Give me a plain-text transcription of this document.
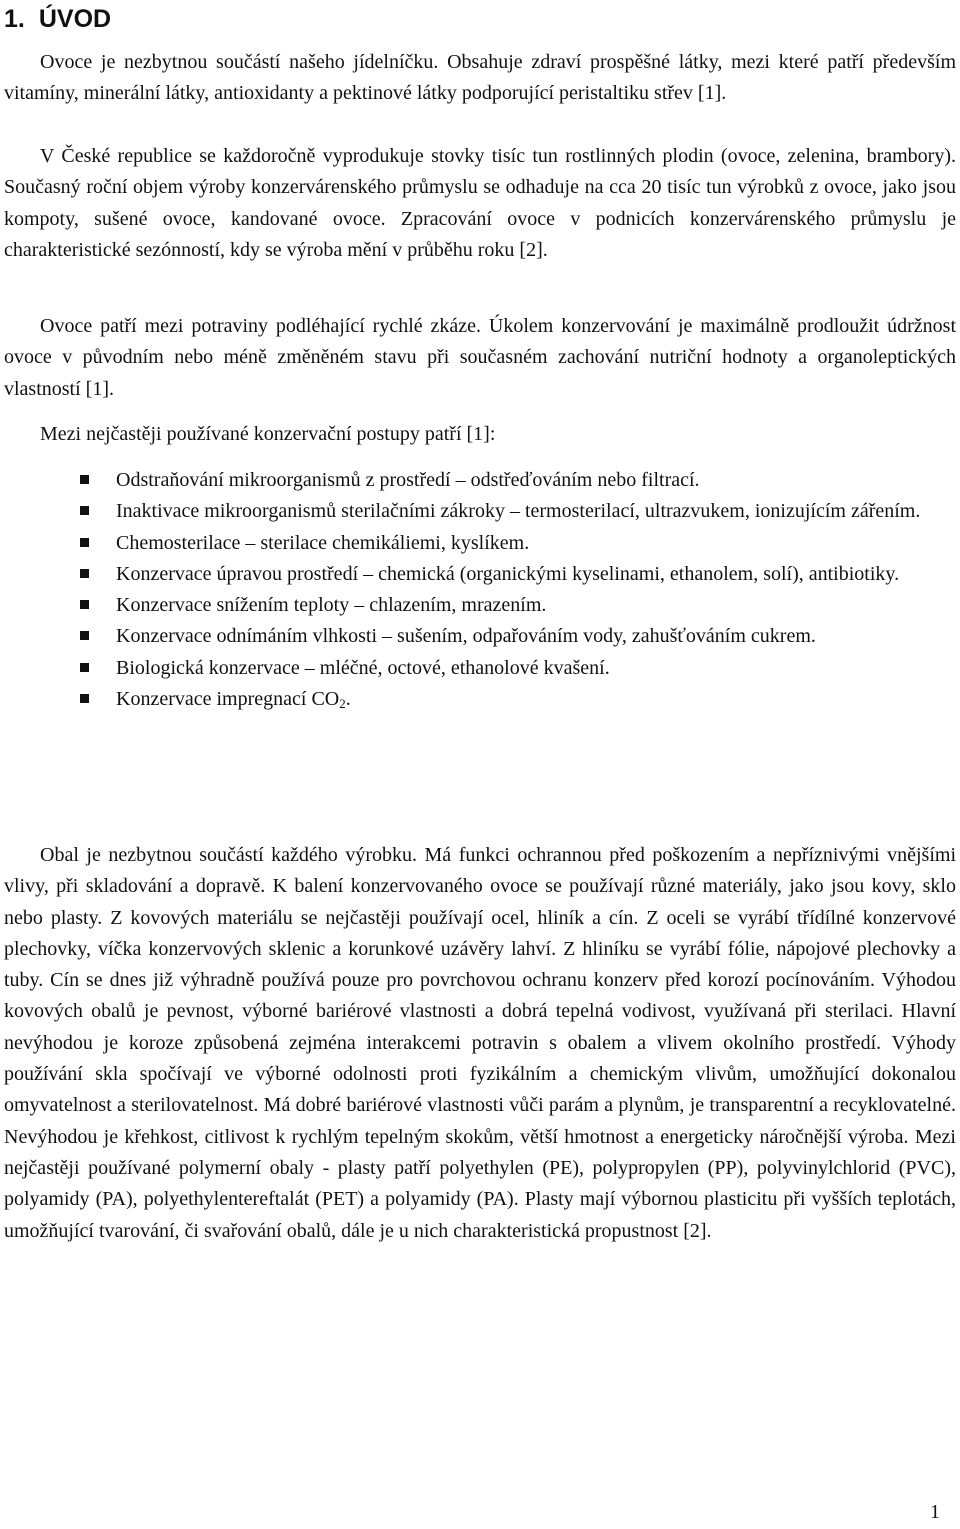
1. ÚVOD

Ovoce je nezbytnou součástí našeho jídelníčku. Obsahuje zdraví prospěšné látky, mezi které patří především vitamíny, minerální látky, antioxidanty a pektinové látky podporující peristaltiku střev [1].

V České republice se každoročně vyprodukuje stovky tisíc tun rostlinných plodin (ovoce, zelenina, brambory). Současný roční objem výroby konzervárenského průmyslu se odhaduje na cca 20 tisíc tun výrobků z ovoce, jako jsou kompoty, sušené ovoce, kandované ovoce. Zpracování ovoce v podnicích konzervárenského průmyslu je charakteristické sezónností, kdy se výroba mění v průběhu roku [2].

Ovoce patří mezi potraviny podléhající rychlé zkáze. Úkolem konzervování je maximálně prodloužit údržnost ovoce v původním nebo méně změněném stavu při současném zachování nutriční hodnoty a organoleptických vlastností [1].

Mezi nejčastěji používané konzervační postupy patří [1]:

Odstraňování mikroorganismů z prostředí – odstřeďováním nebo filtrací.
Inaktivace mikroorganismů sterilačními zákroky – termosterilací, ultrazvukem, ionizujícím zářením.
Chemosterilace – sterilace chemikáliemi, kyslíkem.
Konzervace úpravou prostředí – chemická (organickými kyselinami, ethanolem, solí), antibiotiky.
Konzervace snížením teploty – chlazením, mrazením.
Konzervace odnímáním vlhkosti – sušením, odpařováním vody, zahušťováním cukrem.
Biologická konzervace – mléčné, octové, ethanolové kvašení.
Konzervace impregnací $CO_2$.

Obal je nezbytnou součástí každého výrobku. Má funkci ochrannou před poškozením a nepříznivými vnějšími vlivy, při skladování a dopravě. K balení konzervovaného ovoce se používají různé materiály, jako jsou kovy, sklo nebo plasty. Z kovových materiálu se nejčastěji používají ocel, hliník a cín. Z oceli se vyrábí třídílné konzervové plechovky, víčka konzervových sklenic a korunkové uzávěry lahví. Z hliníku se vyrábí fólie, nápojové plechovky a tuby. Cín se dnes již výhradně používá pouze pro povrchovou ochranu konzerv před korozí pocínováním. Výhodou kovových obalů je pevnost, výborné bariérové vlastnosti a dobrá tepelná vodivost, využívaná při sterilaci. Hlavní nevýhodou je koroze způsobená zejména interakcemi potravin s obalem a vlivem okolního prostředí. Výhody používání skla spočívají ve výborné odolnosti proti fyzikálním a chemickým vlivům, umožňující dokonalou omyvatelnost a sterilovatelnost. Má dobré bariérové vlastnosti vůči parám a plynům, je transparentní a recyklovatelné. Nevýhodou je křehkost, citlivost k rychlým tepelným skokům, větší hmotnost a energeticky náročnější výroba. Mezi nejčastěji používané polymerní obaly - plasty patří polyethylen (PE), polypropylen (PP), polyvinylchlorid (PVC), polyamidy (PA), polyethylentereftalát (PET) a polyamidy (PA). Plasty mají výbornou plasticitu při vyšších teplotách, umožňující tvarování, či svařování obalů, dále je u nich charakteristická propustnost [2].

1
